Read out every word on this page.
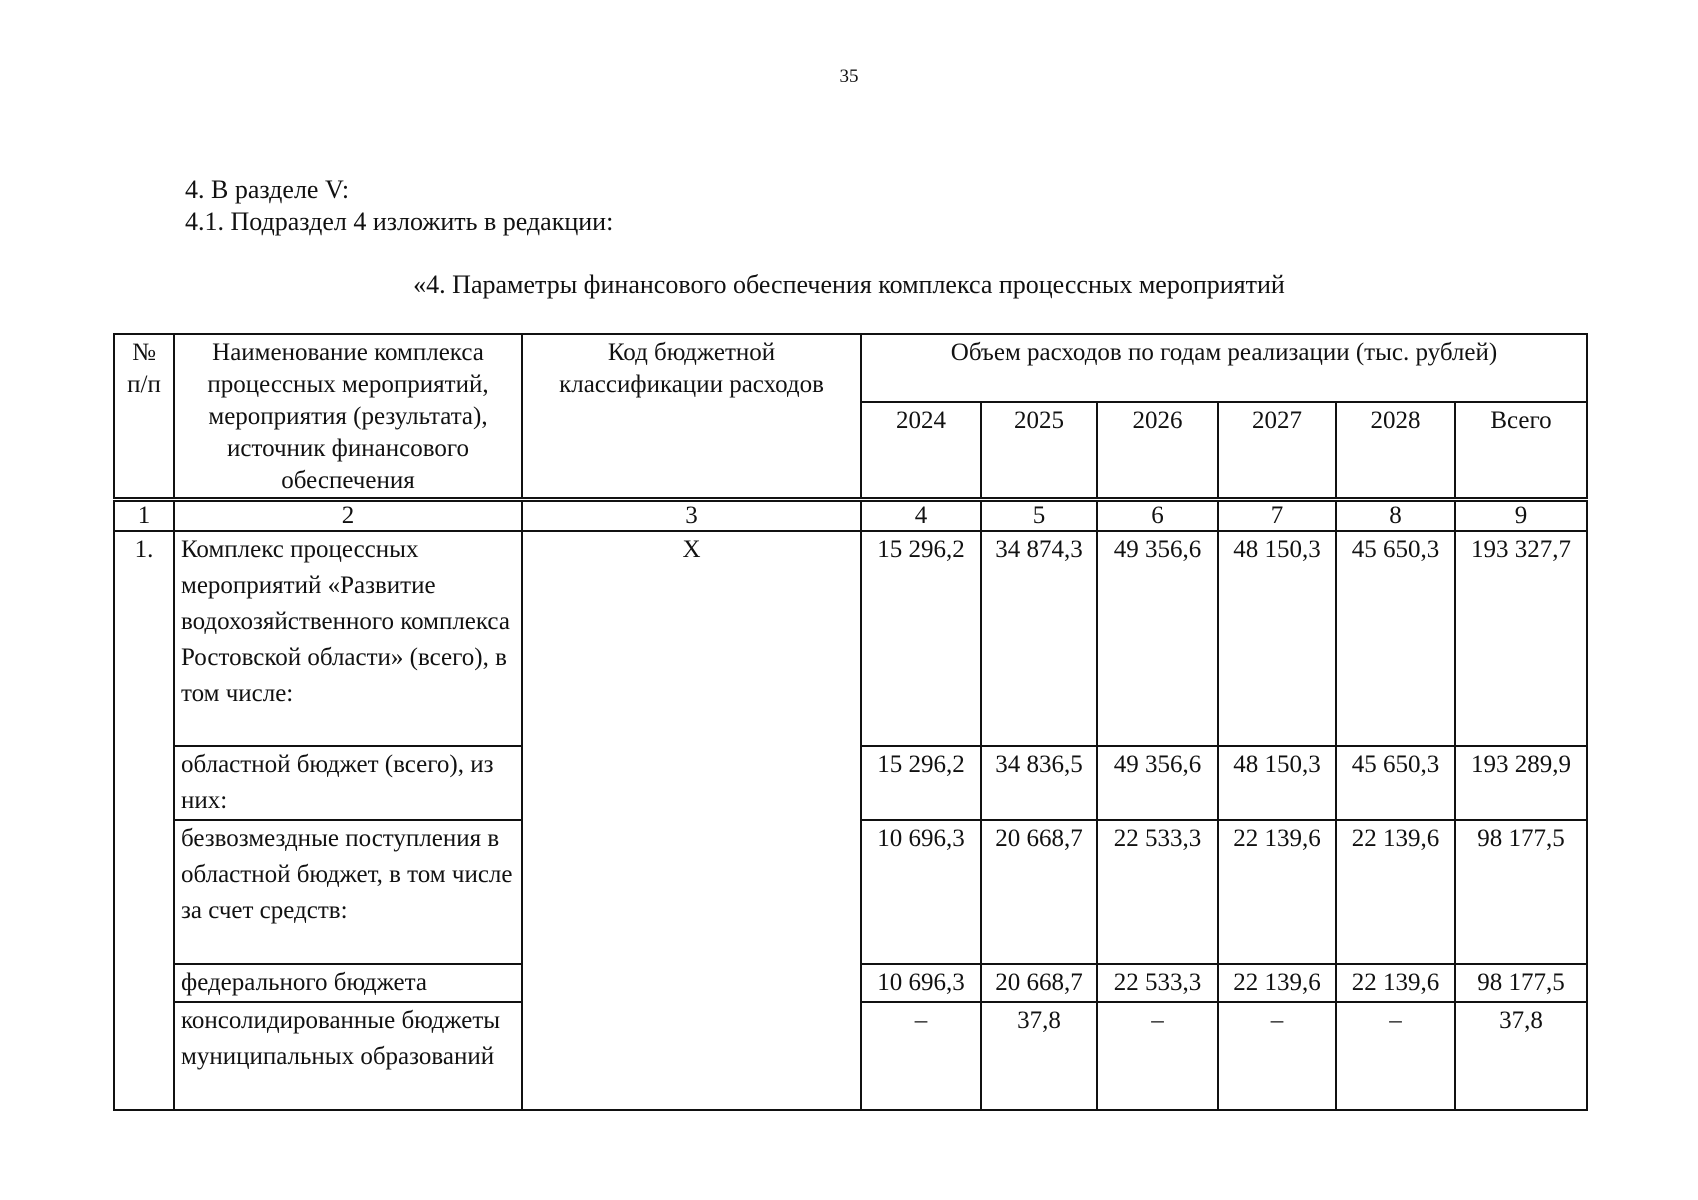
35
4. В разделе V:
4.1. Подраздел 4 изложить в редакции:
«4. Параметры финансового обеспечения комплекса процессных мероприятий
№ п/п	Наименование комплекса процессных мероприятий, мероприятия (результата), источник финансового обеспечения	Код бюджетной классификации расходов	Объем расходов по годам реализации (тыс. рублей)					
			2024	2025	2026	2027	2028	Всего
1	2	3	4	5	6	7	8	9
1.	Комплекс процессных мероприятий «Развитие водохозяйственного комплекса Ростовской области» (всего), в том числе:	Х	15 296,2	34 874,3	49 356,6	48 150,3	45 650,3	193 327,7
	областной бюджет (всего), из них:		15 296,2	34 836,5	49 356,6	48 150,3	45 650,3	193 289,9
	безвозмездные поступления в областной бюджет, в том числе за счет средств:		10 696,3	20 668,7	22 533,3	22 139,6	22 139,6	98 177,5
	федерального бюджета		10 696,3	20 668,7	22 533,3	22 139,6	22 139,6	98 177,5
	консолидированные бюджеты муниципальных образований		–	37,8	–	–	–	37,8
